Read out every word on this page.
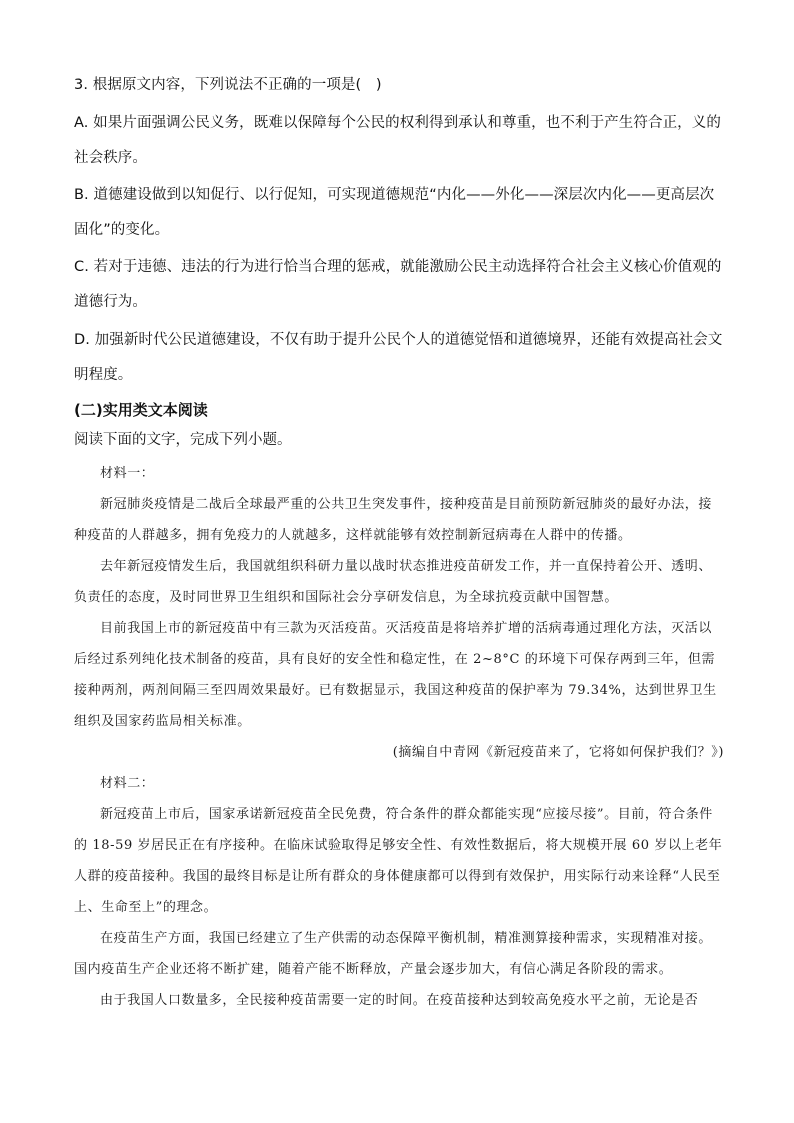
3. 根据原文内容，下列说法不正确的一项是(　)

A. 如果片面强调公民义务，既难以保障每个公民的权利得到承认和尊重，也不利于产生符合正，义的社会秩序。

B. 道德建设做到以知促行、以行促知，可实现道德规范“内化——外化——深层次内化——更高层次固化”的变化。

C. 若对于违德、违法的行为进行恰当合理的惩戒，就能激励公民主动选择符合社会主义核心价值观的道德行为。

D. 加强新时代公民道德建设，不仅有助于提升公民个人的道德觉悟和道德境界，还能有效提高社会文明程度。

(二)实用类文本阅读

阅读下面的文字，完成下列小题。

材料一：

新冠肺炎疫情是二战后全球最严重的公共卫生突发事件，接种疫苗是目前预防新冠肺炎的最好办法，接种疫苗的人群越多，拥有免疫力的人就越多，这样就能够有效控制新冠病毒在人群中的传播。

去年新冠疫情发生后，我国就组织科研力量以战时状态推进疫苗研发工作，并一直保持着公开、透明、负责任的态度，及时同世界卫生组织和国际社会分享研发信息，为全球抗疫贡献中国智慧。

目前我国上市的新冠疫苗中有三款为灭活疫苗。灭活疫苗是将培养扩增的活病毒通过理化方法，灭活以后经过系列纯化技术制备的疫苗，具有良好的安全性和稳定性，在 2~8°C 的环境下可保存两到三年，但需接种两剂，两剂间隔三至四周效果最好。已有数据显示，我国这种疫苗的保护率为 79.34%，达到世界卫生组织及国家药监局相关标准。

(摘编自中青网《新冠疫苗来了，它将如何保护我们？》)

材料二：

新冠疫苗上市后，国家承诺新冠疫苗全民免费，符合条件的群众都能实现“应接尽接”。目前，符合条件的 18-59 岁居民正在有序接种。在临床试验取得足够安全性、有效性数据后，将大规模开展 60 岁以上老年人群的疫苗接种。我国的最终目标是让所有群众的身体健康都可以得到有效保护，用实际行动来诠释“人民至上、生命至上”的理念。

在疫苗生产方面，我国已经建立了生产供需的动态保障平衡机制，精准测算接种需求，实现精准对接。国内疫苗生产企业还将不断扩建，随着产能不断释放，产量会逐步加大，有信心满足各阶段的需求。

由于我国人口数量多，全民接种疫苗需要一定的时间。在疫苗接种达到较高免疫水平之前，无论是否
